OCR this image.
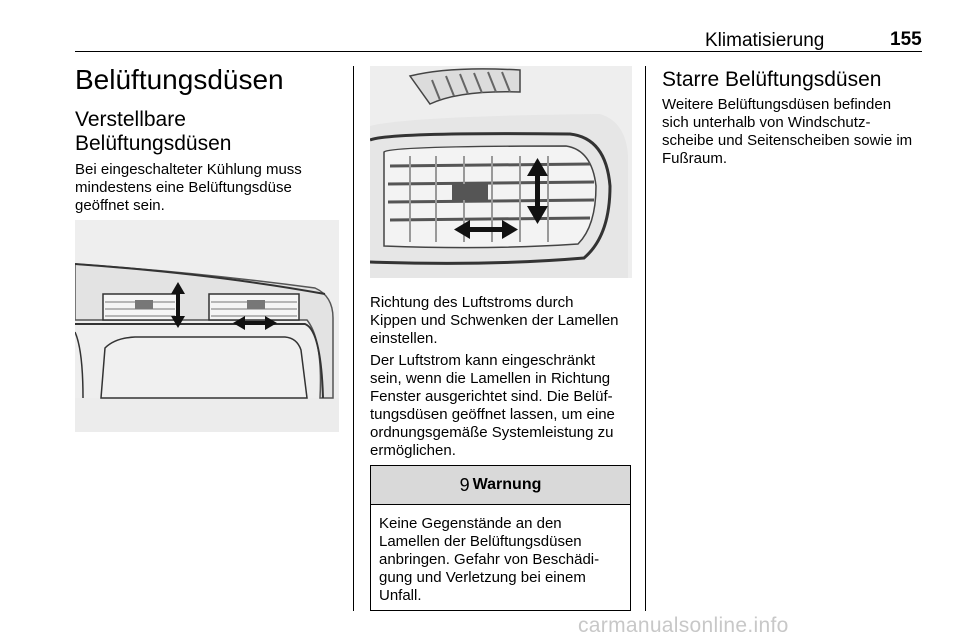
Klimatisierung	155
Belüftungsdüsen
Verstellbare
Belüftungsdüsen
Bei eingeschalteter Kühlung muss
mindestens eine Belüftungsdüse
geöffnet sein.
Richtung des Luftstroms durch
Kippen und Schwenken der Lamellen
einstellen.
Der Luftstrom kann eingeschränkt
sein, wenn die Lamellen in Richtung
Fenster ausgerichtet sind. Die Belüf-
tungsdüsen geöffnet lassen, um eine
ordnungsgemäße Systemleistung zu
ermöglichen.
9 Warnung
Keine Gegenstände an den
Lamellen der Belüftungsdüsen
anbringen. Gefahr von Beschädi-
gung und Verletzung bei einem
Unfall.
Starre Belüftungsdüsen
Weitere Belüftungsdüsen befinden
sich unterhalb von Windschutz-
scheibe und Seitenscheiben sowie im
Fußraum.
carmanualsonline.info
